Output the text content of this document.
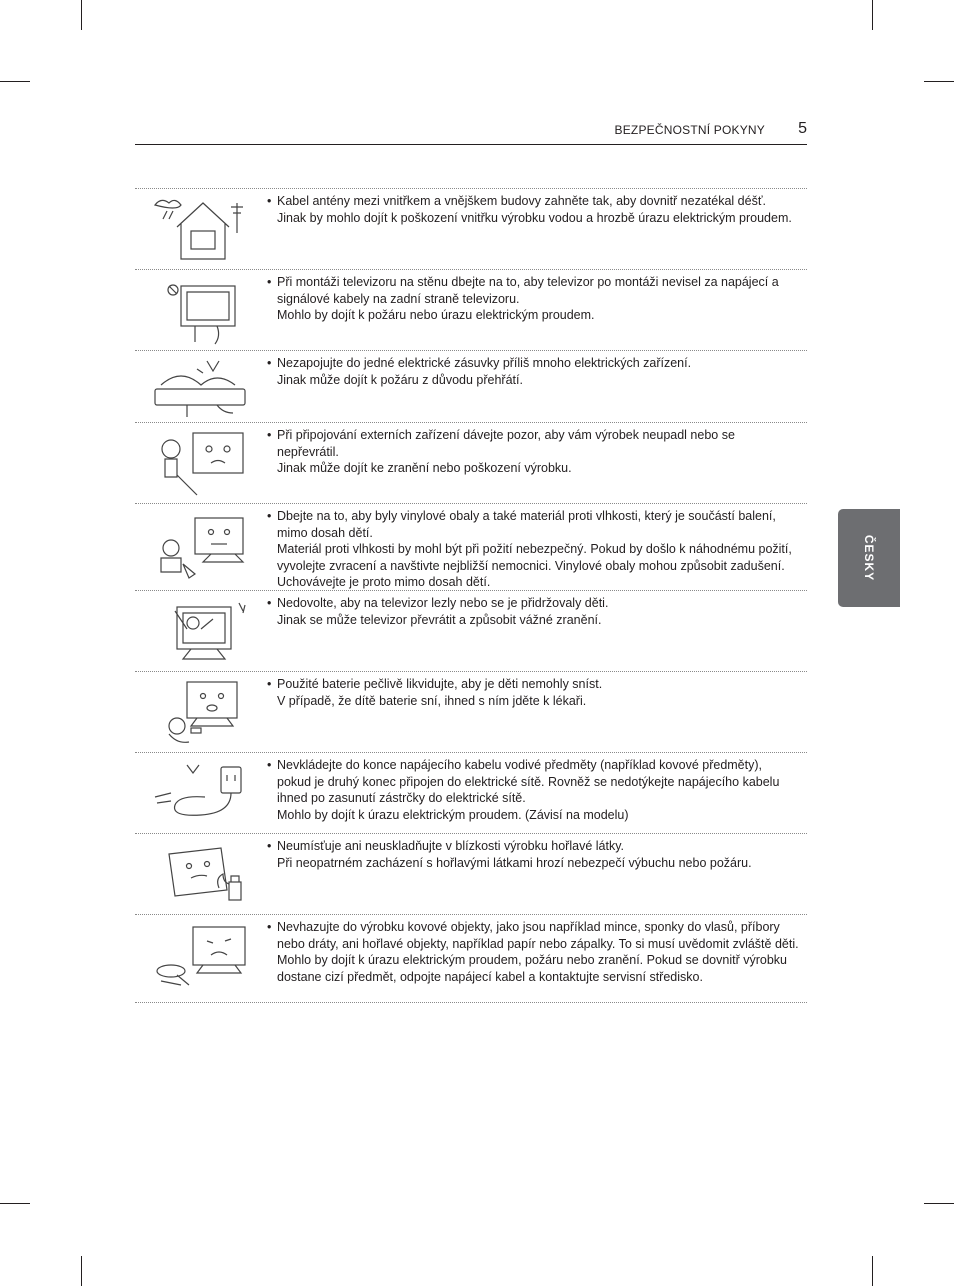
BEZPEČNOSTNÍ POKYNY 5
ČESKY
• Kabel antény mezi vnitřkem a vnějškem budovy zahněte tak, aby dovnitř nezatékal déšť.

Jinak by mohlo dojít k poškození vnitřku výrobku vodou a hrozbě úrazu elektrickým proudem.

• Při montáži televizoru na stěnu dbejte na to, aby televizor po montáži nevisel za napájecí a signálové kabely na zadní straně televizoru.

Mohlo by dojít k požáru nebo úrazu elektrickým proudem.

• Nezapojujte do jedné elektrické zásuvky příliš mnoho elektrických zařízení.

Jinak může dojít k požáru z důvodu přehřátí.

• Při připojování externích zařízení dávejte pozor, aby vám výrobek neupadl nebo se nepřevrátil.

Jinak může dojít ke zranění nebo poškození výrobku.

• Dbejte na to, aby byly vinylové obaly a také materiál proti vlhkosti, který je součástí balení, mimo dosah dětí.

Materiál proti vlhkosti by mohl být při požití nebezpečný. Pokud by došlo k náhodnému požití, vyvolejte zvracení a navštivte nejbližší nemocnici. Vinylové obaly mohou způsobit zadušení. Uchovávejte je proto mimo dosah dětí.

• Nedovolte, aby na televizor lezly nebo se je přidržovaly děti.

Jinak se může televizor převrátit a způsobit vážné zranění.

• Použité baterie pečlivě likvidujte, aby je děti nemohly sníst.

V případě, že dítě baterie sní, ihned s ním jděte k lékaři.

• Nevkládejte do konce napájecího kabelu vodivé předměty (například kovové předměty), pokud je druhý konec připojen do elektrické sítě. Rovněž se nedotýkejte napájecího kabelu ihned po zasunutí zástrčky do elektrické sítě.

Mohlo by dojít k úrazu elektrickým proudem. (Závisí na modelu)

• Neumísťuje ani neuskladňujte v blízkosti výrobku hořlavé látky.

Při neopatrném zacházení s hořlavými látkami hrozí nebezpečí výbuchu nebo požáru.

• Nevhazujte do výrobku kovové objekty, jako jsou například mince, sponky do vlasů, příbory nebo dráty, ani hořlavé objekty, například papír nebo zápalky. To si musí uvědomit zvláště děti.

Mohlo by dojít k úrazu elektrickým proudem, požáru nebo zranění. Pokud se dovnitř výrobku dostane cizí předmět, odpojte napájecí kabel a kontaktujte servisní středisko.
